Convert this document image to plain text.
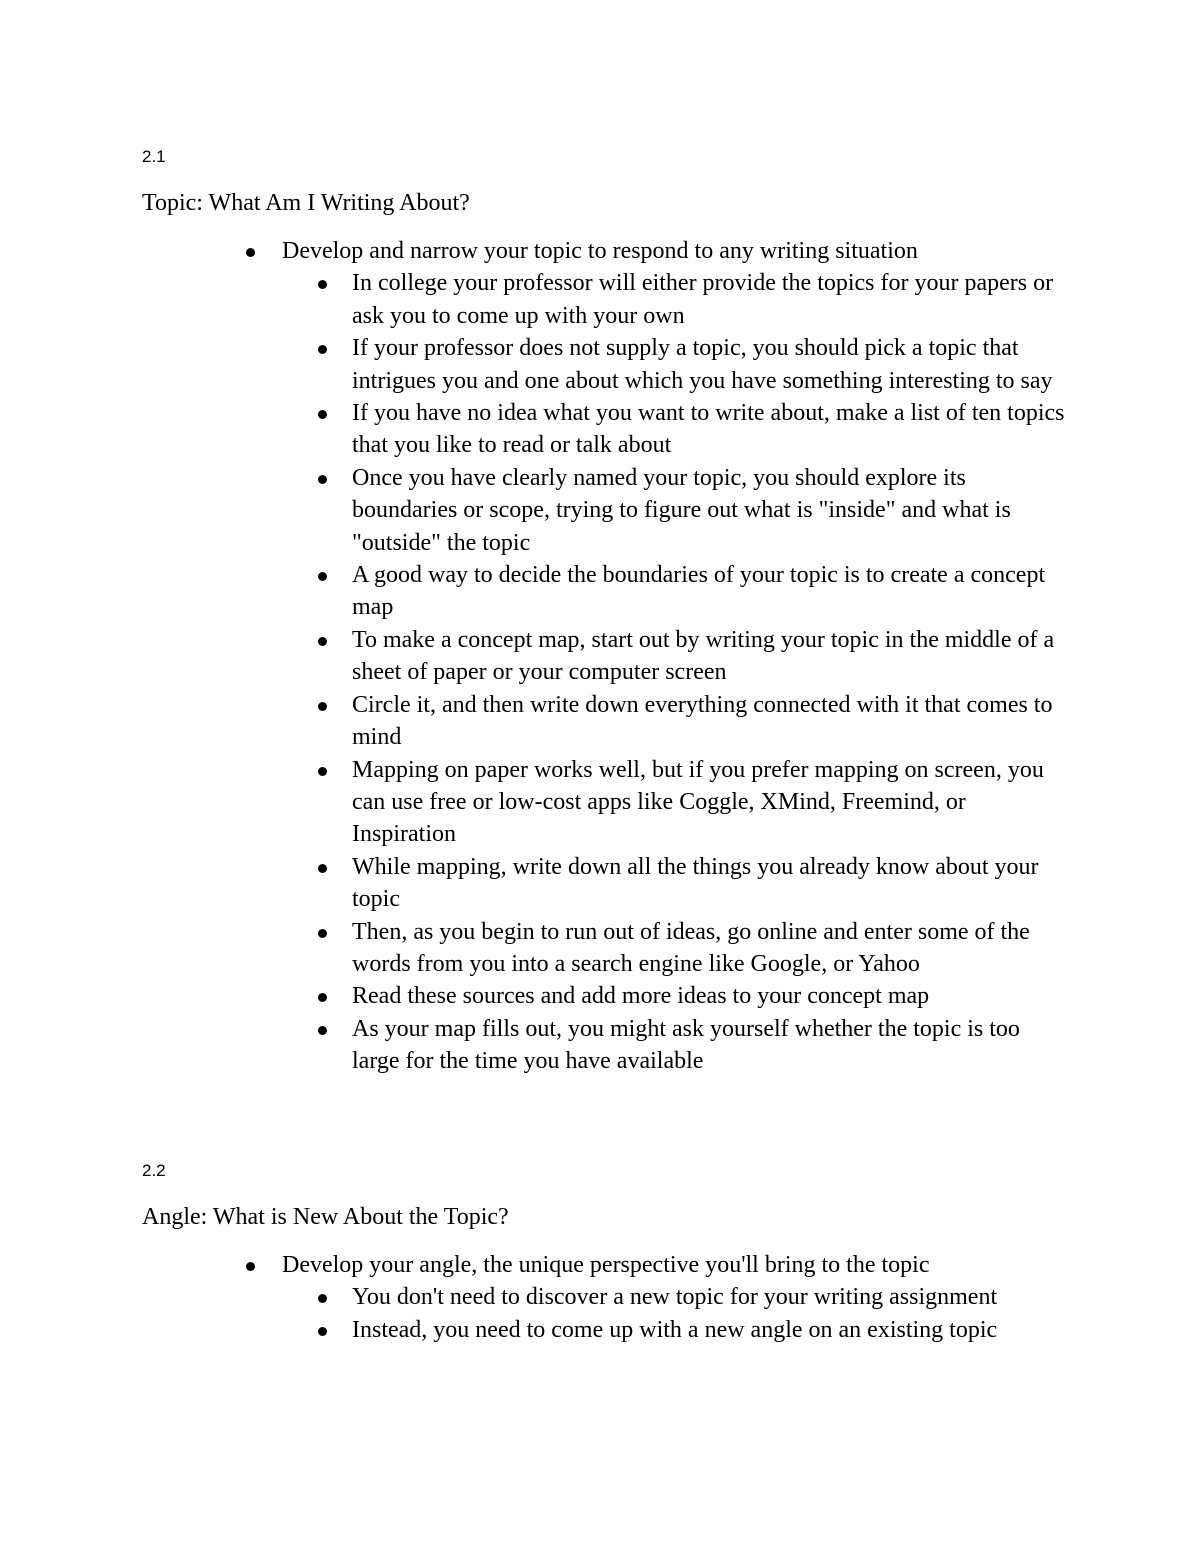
2.1
Topic: What Am I Writing About?
Develop and narrow your topic to respond to any writing situation
In college your professor will either provide the topics for your papers or ask you to come up with your own
If your professor does not supply a topic, you should pick a topic that intrigues you and one about which you have something interesting to say
If you have no idea what you want to write about, make a list of ten topics that you like to read or talk about
Once you have clearly named your topic, you should explore its boundaries or scope, trying to figure out what is "inside" and what is "outside" the topic
A good way to decide the boundaries of your topic is to create a concept map
To make a concept map, start out by writing your topic in the middle of a sheet of paper or your computer screen
Circle it, and then write down everything connected with it that comes to mind
Mapping on paper works well, but if you prefer mapping on screen, you can use free or low-cost apps like Coggle, XMind, Freemind, or Inspiration
While mapping, write down all the things you already know about your topic
Then, as you begin to run out of ideas, go online and enter some of the words from you into a search engine like Google, or Yahoo
Read these sources and add more ideas to your concept map
As your map fills out, you might ask yourself whether the topic is too large for the time you have available
2.2
Angle: What is New About the Topic?
Develop your angle, the unique perspective you'll bring to the topic
You don't need to discover a new topic for your writing assignment
Instead, you need to come up with a new angle on an existing topic
